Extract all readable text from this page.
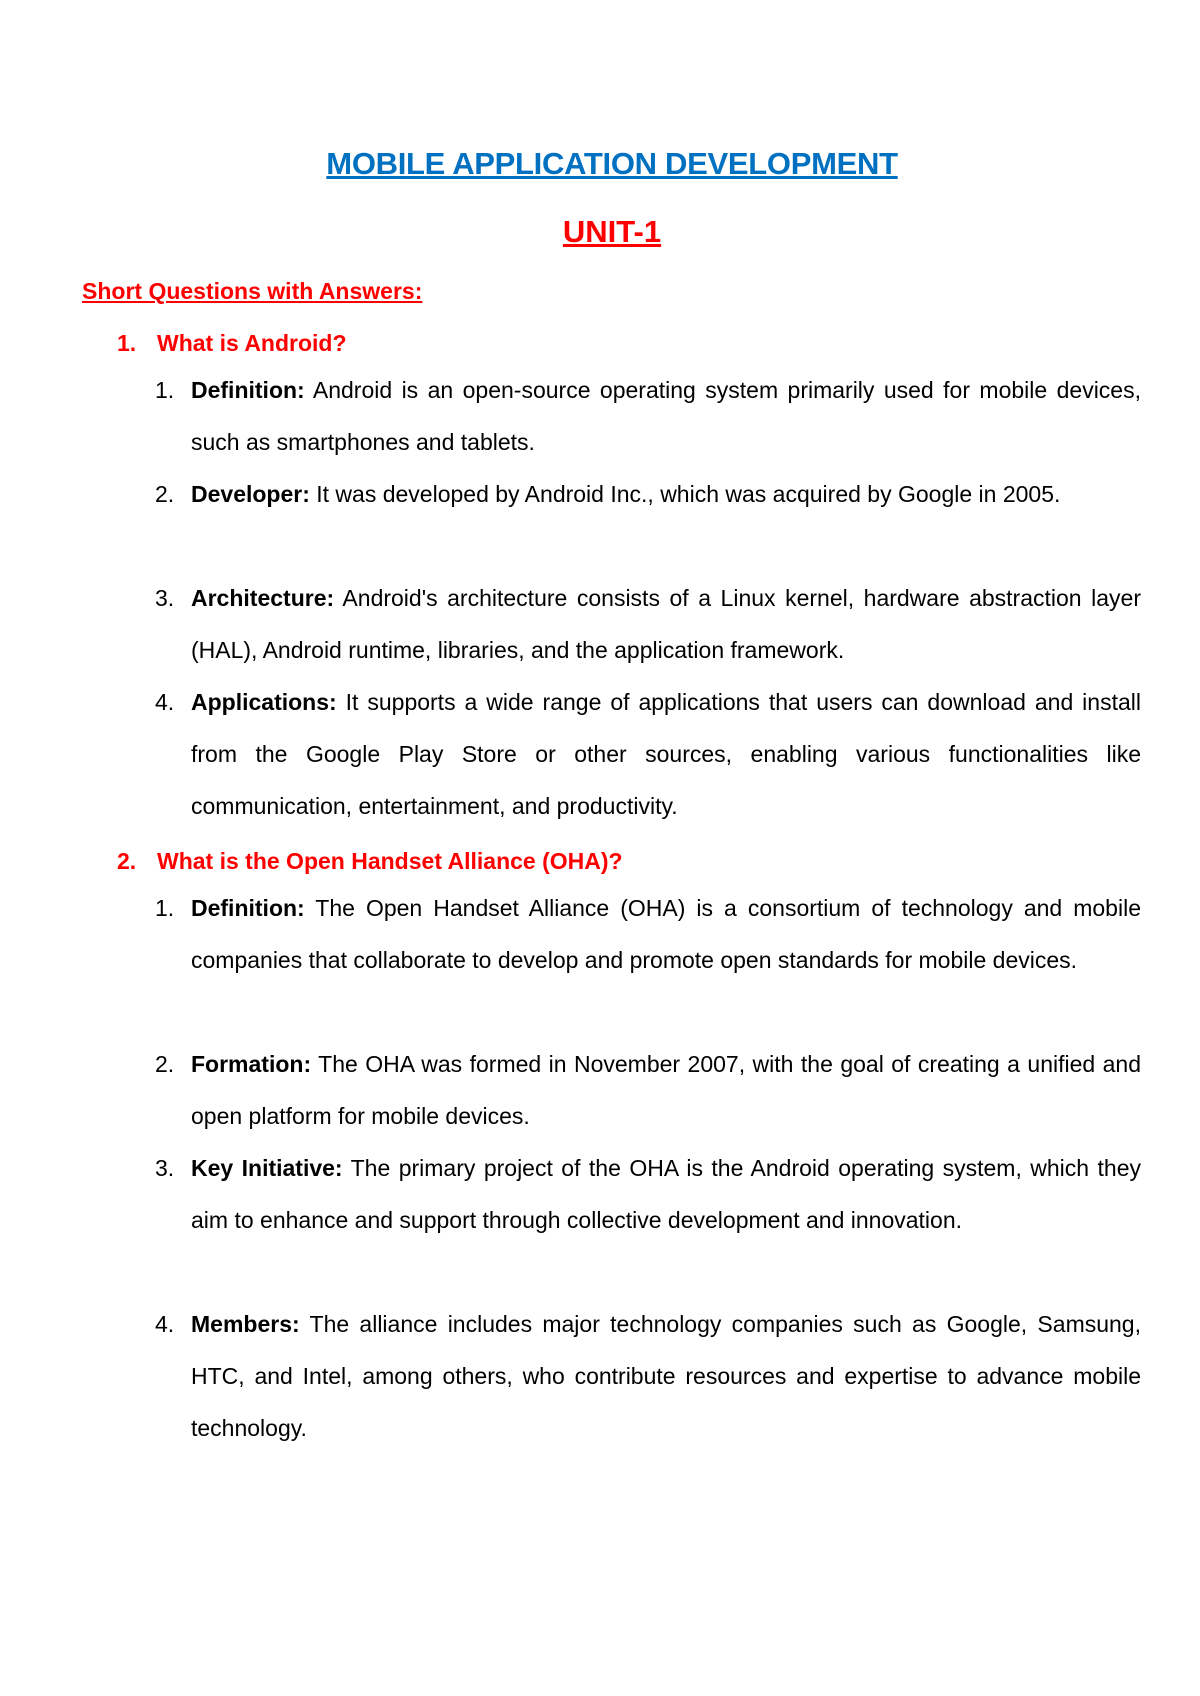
MOBILE APPLICATION DEVELOPMENT
UNIT-1
Short Questions with Answers:
1. What is Android?
1. Definition: Android is an open-source operating system primarily used for mobile devices, such as smartphones and tablets.
2. Developer: It was developed by Android Inc., which was acquired by Google in 2005.
3. Architecture: Android's architecture consists of a Linux kernel, hardware abstraction layer (HAL), Android runtime, libraries, and the application framework.
4. Applications: It supports a wide range of applications that users can download and install from the Google Play Store or other sources, enabling various functionalities like communication, entertainment, and productivity.
2. What is the Open Handset Alliance (OHA)?
1. Definition: The Open Handset Alliance (OHA) is a consortium of technology and mobile companies that collaborate to develop and promote open standards for mobile devices.
2. Formation: The OHA was formed in November 2007, with the goal of creating a unified and open platform for mobile devices.
3. Key Initiative: The primary project of the OHA is the Android operating system, which they aim to enhance and support through collective development and innovation.
4. Members: The alliance includes major technology companies such as Google, Samsung, HTC, and Intel, among others, who contribute resources and expertise to advance mobile technology.
